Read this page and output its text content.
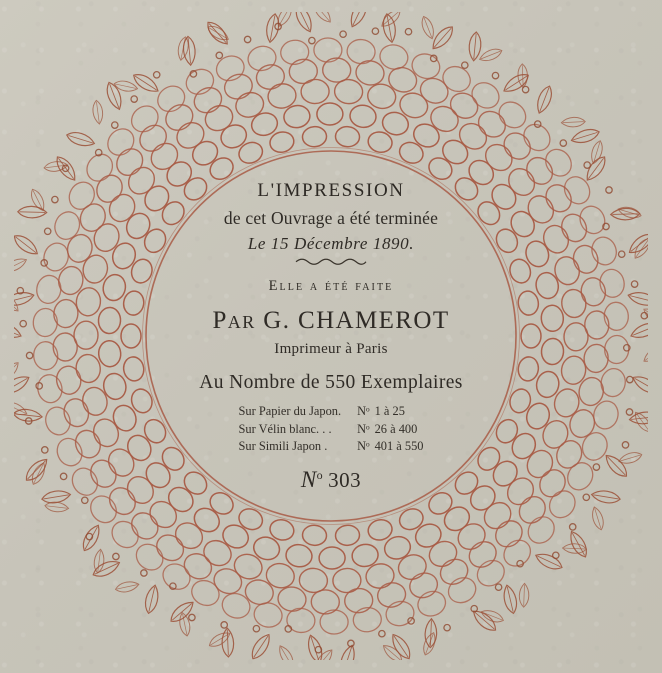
L'IMPRESSION

de cet Ouvrage a été terminée

Le 15 Décembre 1890.

Elle a été faite

Par G. CHAMEROT

Imprimeur à Paris

Au Nombre de 550 Exemplaires

Sur Papier du Japon.	Nᵒ	1 à 25
Sur Vélin blanc. . .	Nᵒ	26 à 400
Sur Simili Japon .	Nᵒ	401 à 550

$N^o$ 303
